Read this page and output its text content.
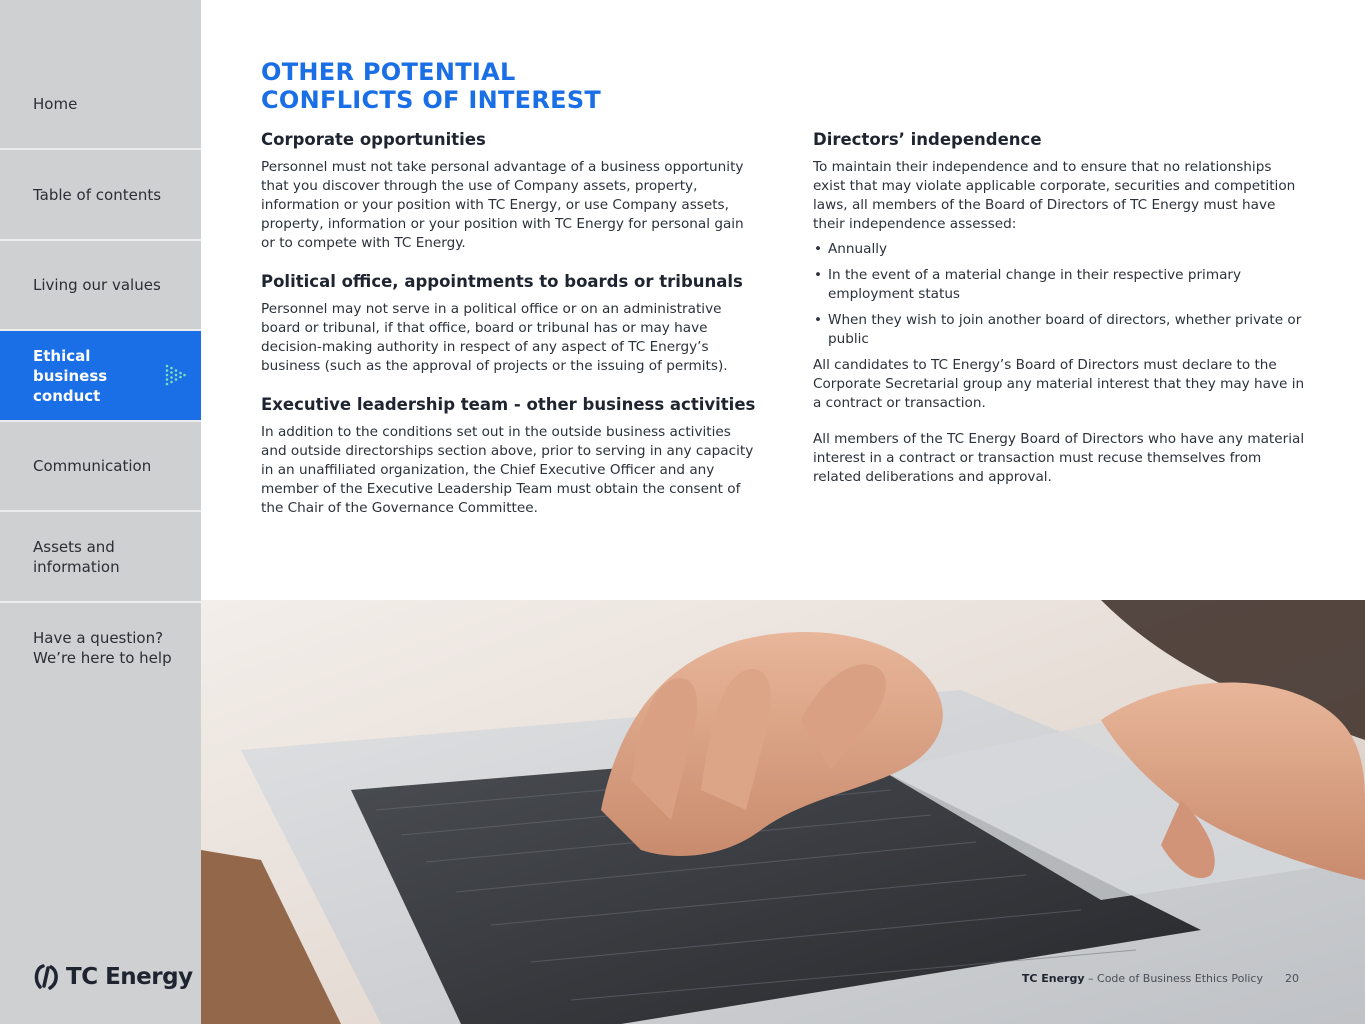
Home
Table of contents
Living our values
Ethical business conduct
Communication
Assets and information
Have a question? We’re here to help
TC Energy
OTHER POTENTIAL
CONFLICTS OF INTEREST
Corporate opportunities

Personnel must not take personal advantage of a business opportunity that you discover through the use of Company assets, property, information or your position with TC Energy, or use Company assets, property, information or your position with TC Energy for personal gain or to compete with TC Energy.

Political office, appointments to boards or tribunals

Personnel may not serve in a political office or on an administrative board or tribunal, if that office, board or tribunal has or may have decision-making authority in respect of any aspect of TC Energy’s business (such as the approval of projects or the issuing of permits).

Executive leadership team - other business activities

In addition to the conditions set out in the outside business activities and outside directorships section above, prior to serving in any capacity in an unaffiliated organization, the Chief Executive Officer and any member of the Executive Leadership Team must obtain the consent of the Chair of the Governance Committee.

Directors’ independence

To maintain their independence and to ensure that no relationships exist that may violate applicable corporate, securities and competition laws, all members of the Board of Directors of TC Energy must have their independence assessed:

• Annually
• In the event of a material change in their respective primary employment status
• When they wish to join another board of directors, whether private or public

All candidates to TC Energy’s Board of Directors must declare to the Corporate Secretarial group any material interest that they may have in a contract or transaction.

All members of the TC Energy Board of Directors who have any material interest in a contract or transaction must recuse themselves from related deliberations and approval.

TC Energy – Code of Business Ethics Policy 20
